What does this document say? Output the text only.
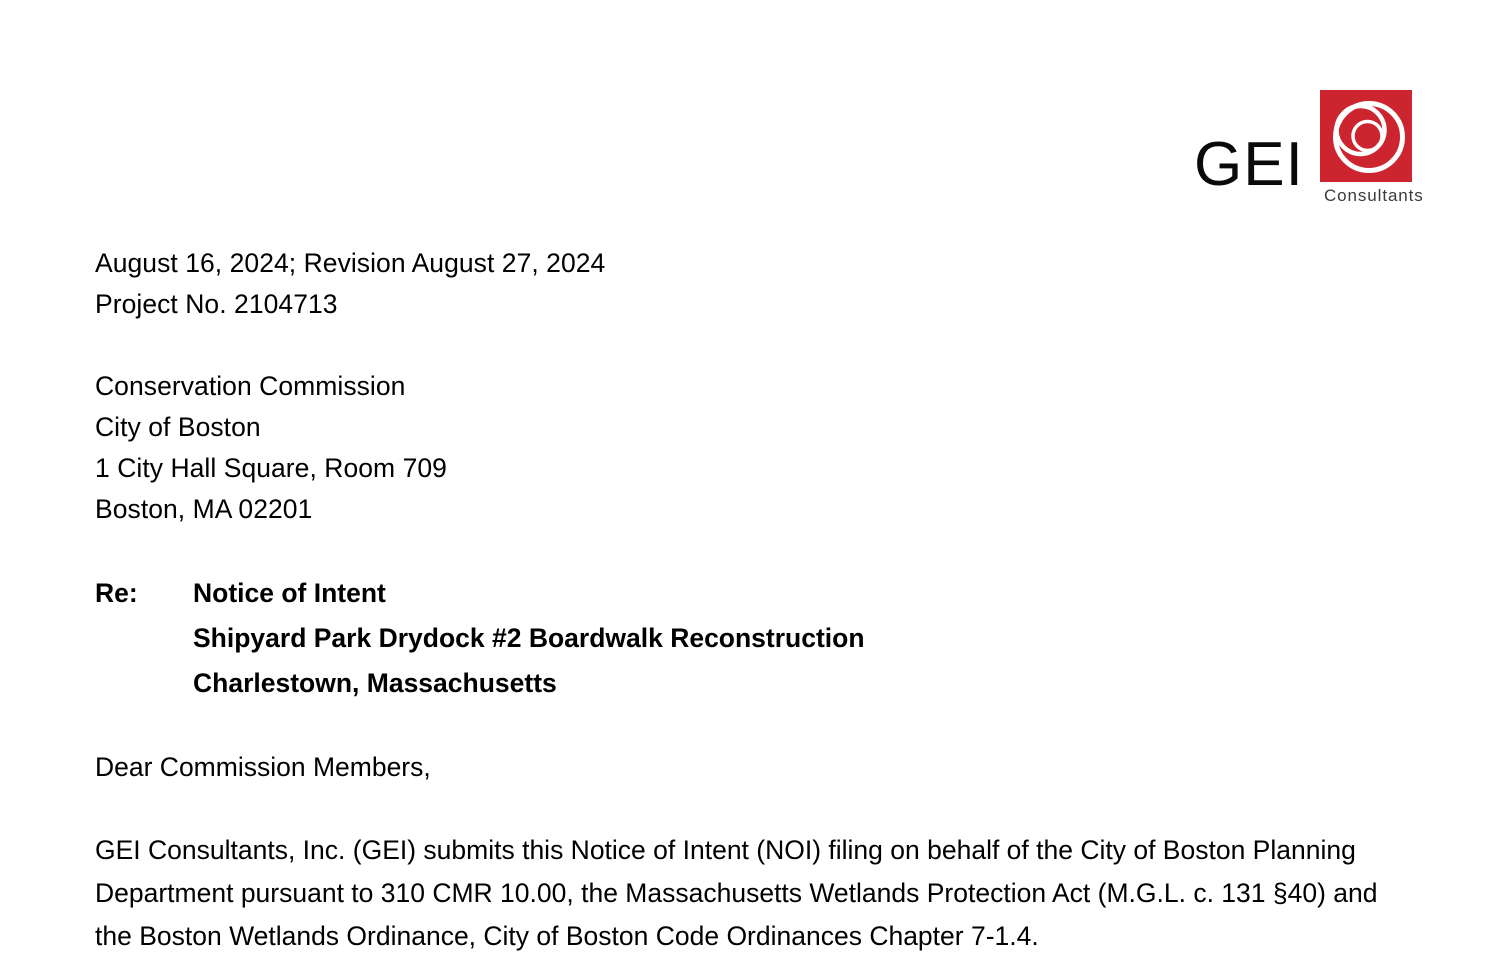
GEI Consultants
August 16, 2024; Revision August 27, 2024
Project No. 2104713
Conservation Commission
City of Boston
1 City Hall Square, Room 709
Boston, MA 02201
Re:	Notice of Intent
Shipyard Park Drydock #2 Boardwalk Reconstruction
Charlestown, Massachusetts
Dear Commission Members,
GEI Consultants, Inc. (GEI) submits this Notice of Intent (NOI) filing on behalf of the City of Boston Planning Department pursuant to 310 CMR 10.00, the Massachusetts Wetlands Protection Act (M.G.L. c. 131 §40) and the Boston Wetlands Ordinance, City of Boston Code Ordinances Chapter 7-1.4.
